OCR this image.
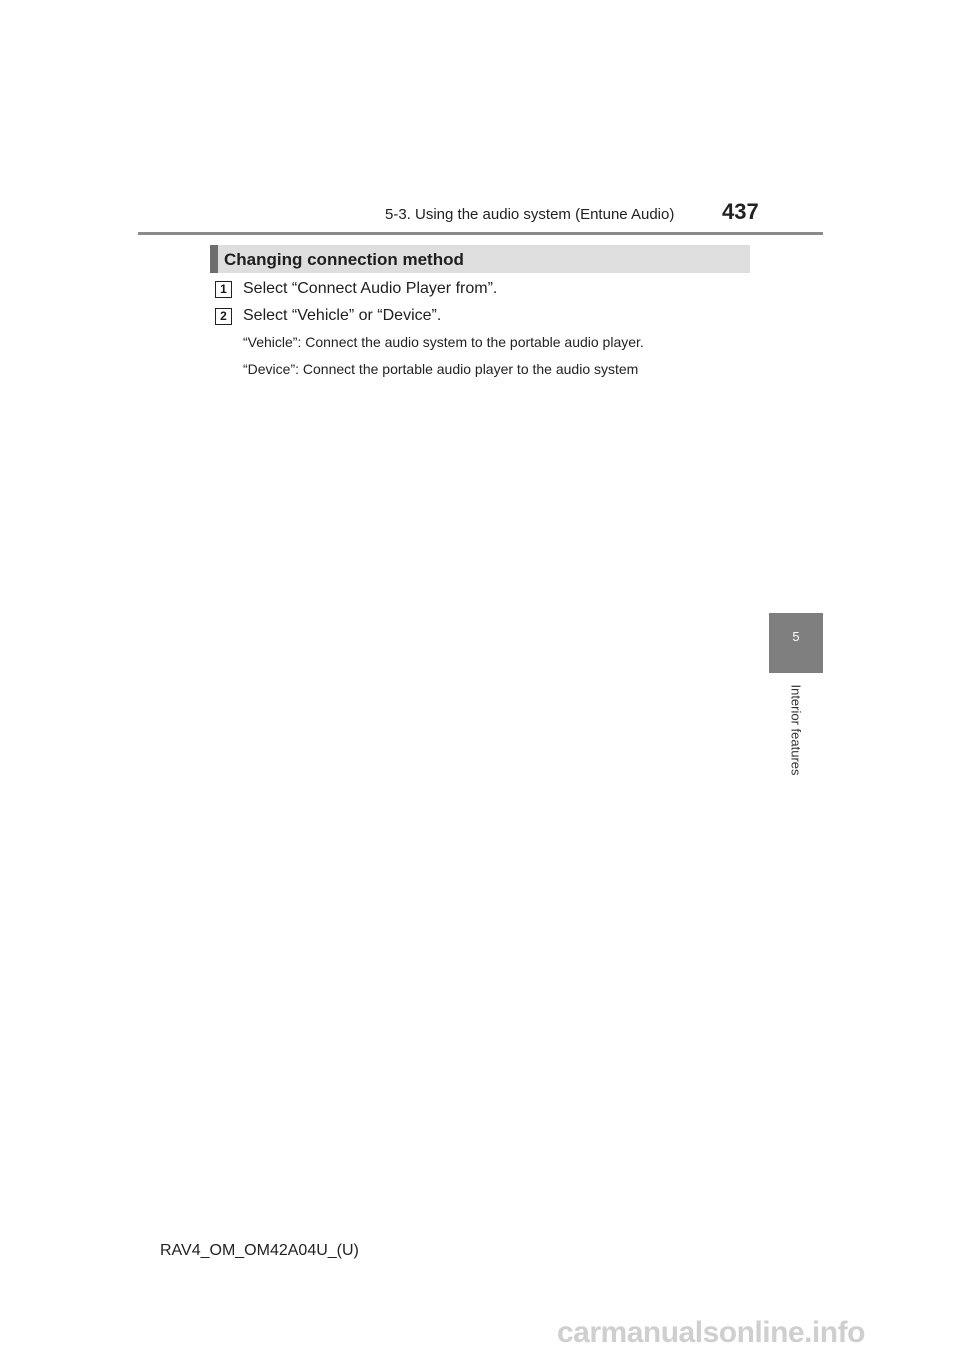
5-3. Using the audio system (Entune Audio) 437
Changing connection method
1	Select “Connect Audio Player from”.
2	Select “Vehicle” or “Device”.
“Vehicle”: Connect the audio system to the portable audio player.
“Device”: Connect the portable audio player to the audio system
5
Interior features
RAV4_OM_OM42A04U_(U)
carmanualsonline.info
